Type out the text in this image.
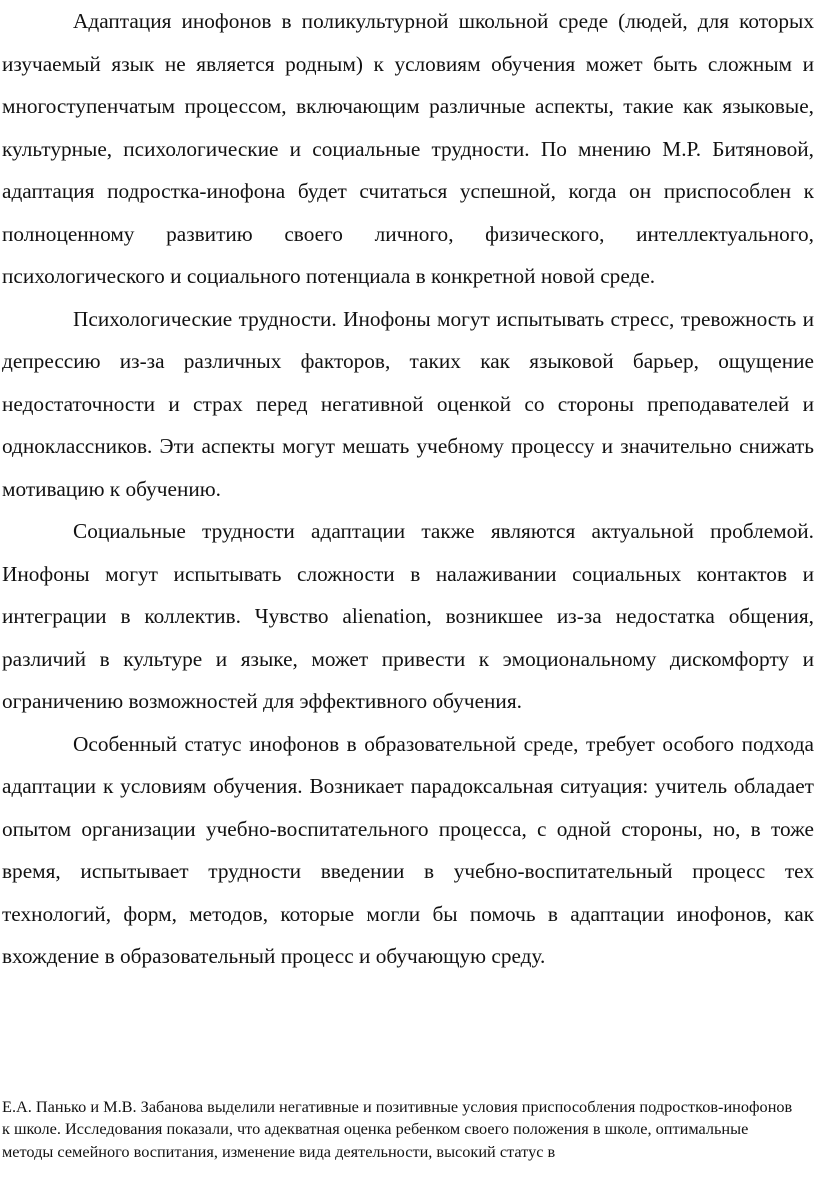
Адаптация инофонов в поликультурной школьной среде (людей, для которых изучаемый язык не является родным) к условиям обучения может быть сложным и многоступенчатым процессом, включающим различные аспекты, такие как языковые, культурные, психологические и социальные трудности. По мнению М.Р. Битяновой, адаптация подростка-инофона будет считаться успешной, когда он приспособлен к полноценному развитию своего личного, физического, интеллектуального, психологического и социального потенциала в конкретной новой среде.

Психологические трудности. Инофоны могут испытывать стресс, тревожность и депрессию из-за различных факторов, таких как языковой барьер, ощущение недостаточности и страх перед негативной оценкой со стороны преподавателей и одноклассников. Эти аспекты могут мешать учебному процессу и значительно снижать мотивацию к обучению.

Социальные трудности адаптации также являются актуальной проблемой. Инофоны могут испытывать сложности в налаживании социальных контактов и интеграции в коллектив. Чувство alienation, возникшее из-за недостатка общения, различий в культуре и языке, может привести к эмоциональному дискомфорту и ограничению возможностей для эффективного обучения.

Особенный статус инофонов в образовательной среде, требует особого подхода адаптации к условиям обучения. Возникает парадоксальная ситуация: учитель обладает опытом организации учебно-воспитательного процесса, с одной стороны, но, в тоже время, испытывает трудности введении в учебно-воспитательный процесс тех технологий, форм, методов, которые могли бы помочь в адаптации инофонов, как вхождение в образовательный процесс и обучающую среду.

Е.А. Панько и М.В. Забанова выделили негативные и позитивные условия приспособления подростков-инофонов к школе. Исследования показали, что адекватная оценка ребенком своего положения в школе, оптимальные методы семейного воспитания, изменение вида деятельности, высокий статус в
